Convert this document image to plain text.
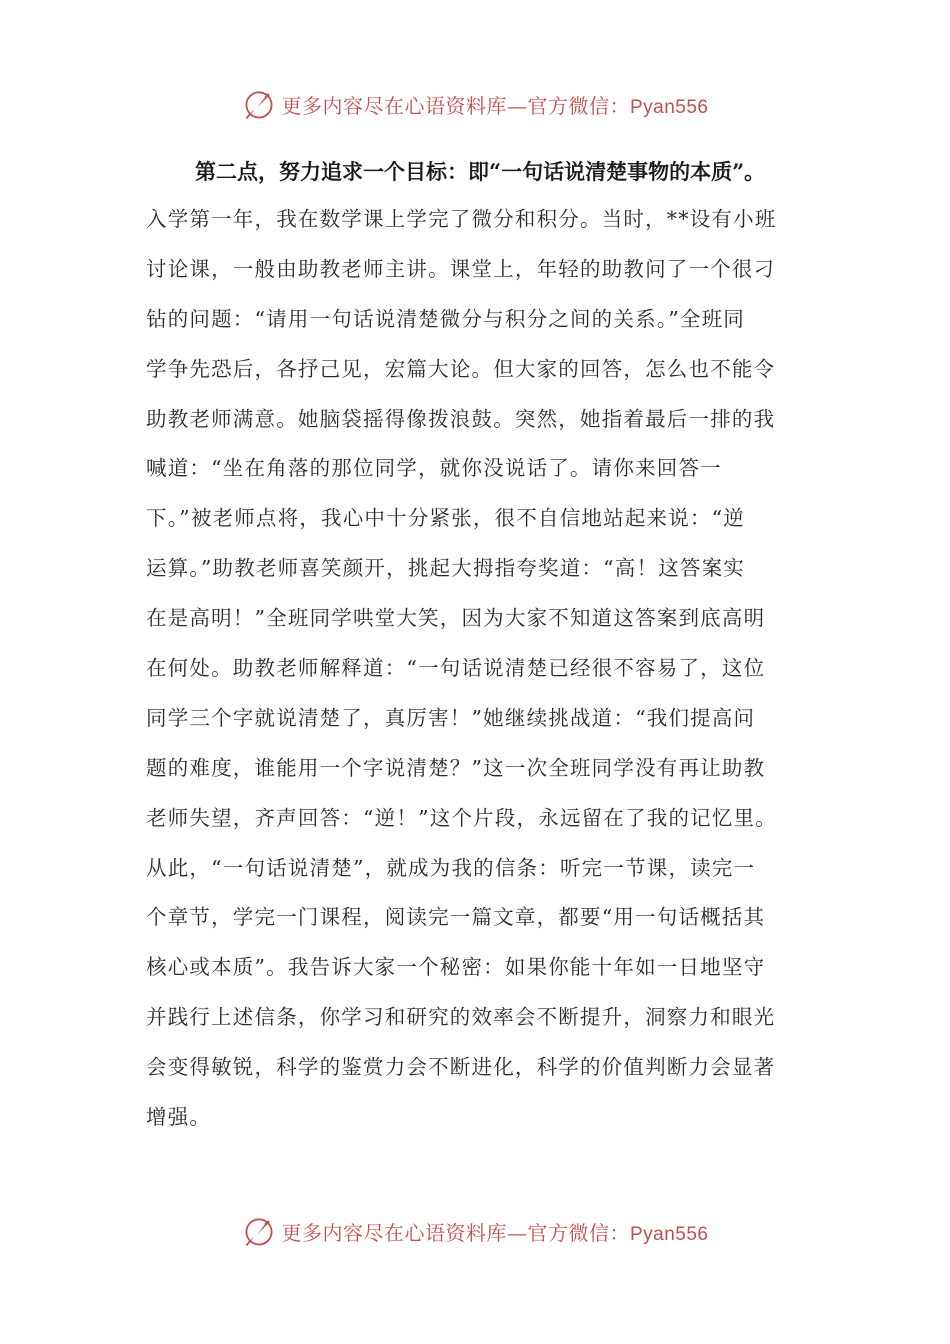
更多内容尽在心语资料库—官方微信：Pyan556
第二点，努力追求一个目标：即“一句话说清楚事物的本质”。
入学第一年，我在数学课上学完了微分和积分。当时，**设有小班
讨论课，一般由助教老师主讲。课堂上，年轻的助教问了一个很刁
钻的问题：“请用一句话说清楚微分与积分之间的关系。”全班同
学争先恐后，各抒己见，宏篇大论。但大家的回答，怎么也不能令
助教老师满意。她脑袋摇得像拨浪鼓。突然，她指着最后一排的我
喊道：“坐在角落的那位同学，就你没说话了。请你来回答一
下。”被老师点将，我心中十分紧张，很不自信地站起来说：“逆
运算。”助教老师喜笑颜开，挑起大拇指夸奖道：“高！这答案实
在是高明！”全班同学哄堂大笑，因为大家不知道这答案到底高明
在何处。助教老师解释道：“一句话说清楚已经很不容易了，这位
同学三个字就说清楚了，真厉害！”她继续挑战道：“我们提高问
题的难度，谁能用一个字说清楚？”这一次全班同学没有再让助教
老师失望，齐声回答：“逆！”这个片段，永远留在了我的记忆里。
从此，“一句话说清楚”，就成为我的信条：听完一节课，读完一
个章节，学完一门课程，阅读完一篇文章，都要“用一句话概括其
核心或本质”。我告诉大家一个秘密：如果你能十年如一日地坚守
并践行上述信条，你学习和研究的效率会不断提升，洞察力和眼光
会变得敏锐，科学的鉴赏力会不断进化，科学的价值判断力会显著
增强。
更多内容尽在心语资料库—官方微信：Pyan556
